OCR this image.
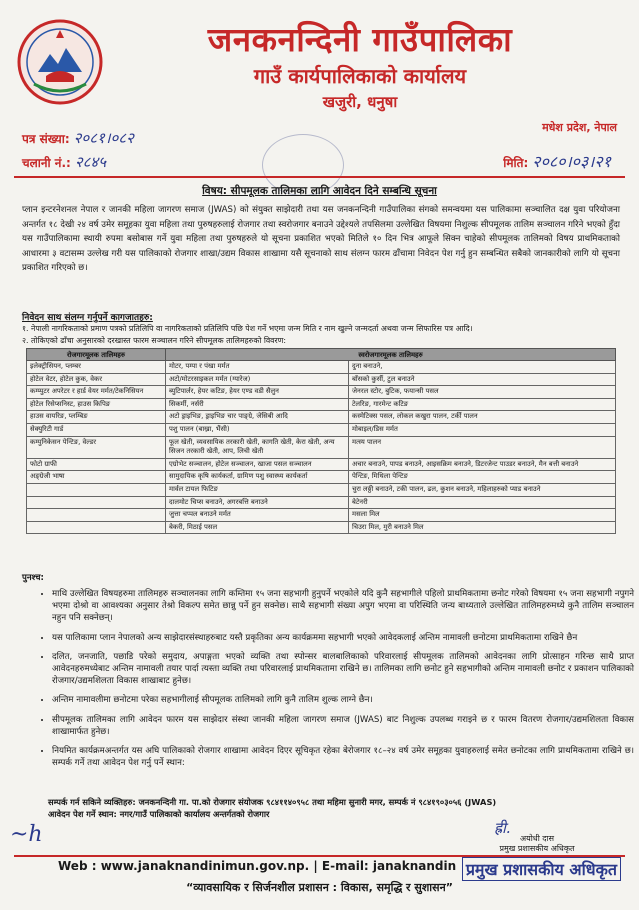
जनकनन्दिनी गाउँपालिका
गाउँ कार्यपालिकाको कार्यालय
खजुरी, धनुषा
मधेश प्रदेश, नेपाल
पत्र संख्या: २०८१।०८२
चलानी नं.: २८४५	मिति: २०८०।०३।२१
विषय: सीपमूलक तालिमका लागि आवेदन दिने सम्बन्धि सूचना
प्लान इन्टरनेशनल नेपाल र जानकी महिला जागरण समाज (JWAS) को संयुक्त साझेदारी तथा यस जनकनन्दिनी गाउँपालिका संगको समन्वयमा यस पालिकामा सञ्चालित दक्ष युवा परियोजना अन्तर्गत १८ देखी २४ वर्ष उमेर समूहका युवा महिला तथा पुरुषहरुलाई रोजगार तथा स्वरोजगार बनाउने उद्देश्यले तपसिलमा उल्लेखित विषयमा निशुल्क सीपमूलक तालिम सञ्चालन गरिने भएको हुँदा यस गाउँपालिकामा स्थायी रुपमा बसोबास गर्ने युवा महिला तथा पुरुषहरुले यो सूचना प्रकाशित भएको मितिले १० दिन भित्र आफूले सिक्न चाहेको सीपमूलक तालिमको विषय प्राथमिकताको आधारमा ३ वटासम्म उल्लेख गरी यस पालिकाको रोजगार शाखा/उद्यम विकास शाखामा यसै सूचनाको साथ संलग्न फारम ढाँचामा निवेदन पेश गर्नु हुन सम्बन्धित सबैको जानकारीको लागि यो सूचना प्रकाशित गरिएको छ।
निवेदन साथ संलग्न गर्नुपर्ने कागजातहरु:
१. नेपाली नागरिकताको प्रमाण पत्रको प्रतिलिपि वा नागरिकताको प्रतिलिपि पछि पेश गर्ने भएमा जन्म मिति र नाम खुल्ने जन्मदर्ता अथवा जन्म सिफारिस पत्र आदि।
२. तोकिएको ढाँचा अनुसारको दरखास्त फारम सञ्चालन गरिने सीपमूलक तालिमहरुको विवरण:
रोजगारमूलक तालिमहरु	स्वरोजगारमूलक तालिमहरु	
इलेक्ट्रीसियन, प्लम्बर	मोटर, पम्पा र पंखा मर्मत	दुना बनाउने,
होटेल वेटर, होटेल कुक, वेकर	अटो/मोटरसाइकल मर्मत (ग्यारेज)	बाँसको कुर्सी, टुल बनाउने
कम्प्युटर अपरेटर र हार्ड वेयर मर्मत/टेकनिसियन	ब्युटिपार्लर, हेयर कटिङ, हेयर एण्ड वडी सैलुन	जेनरल स्टोर, बुटिक, फयान्सी पसल
होटेल रिसेप्सनिस्ट, हाउस किपिङ	सिकर्मी, नर्सरी	टेलरिङ, गारमेन्ट कटिङ
हाउस वायरिङ, प्लम्बिङ	अटो ड्राइभिङ, ड्राइभिङ चार पाङ्ग्रे, जेसिबी आदि	कस्मेटिक्स पसल, लोकल कखुरा पालन, टर्की पालन
सेक्युरिटी गार्ड	पशु पालन (बाख्रा, भैंसी)	मोबाइल/डिस मर्मत
कम्युनिकेसन पेन्टिङ, वेल्डर	फूल खेती, व्यवसायिक तरकारी खेती, कागति खेती, केरा खेती, अन्य सिजन तरकारी खेती, आप, लिची खेती	मत्स्य पालन
फोटो ग्राफी	एग्रोभेट सञ्चालन, होटेल सञ्चालन, खाजा पसल सञ्चालन	अचार बनाउने, पापड बनाउने, आइसक्रिम बनाउने, डिटरजेन्ट पाउडर बनाउने, मैन बत्ती बनाउने
अङ्ग्रेजी भाषा	सामुदायिक कृषि कार्यकर्ता, ग्रामिण पशु स्वास्थ्य कार्यकर्ता	पेन्टिङ, मिथिला पेन्टिङ
	मार्वल टायल फिटिङ	चुरा लठ्ठी बनाउने, टकी पालन, ढल, कुशन बनाउने, महिलाहरुको प्याड बनाउने
	दालमोट चिप्स बनाउने, अगरबत्ति बनाउने	बेटेनरी
	जुत्ता चप्पल बनाउने मर्मत	मसला मिल
	बेकरी, मिठाई पसल	चिउरा मिल, मुरी बनाउने मिल
पुनश्च:
• माथि उल्लेखित विषयहरुमा तालिमहरु सञ्चालनका लागि कम्तिमा १५ जना सहभागी हुनुपर्ने भएकोले यदि कुनै सहभागीले पहिलो प्राथमिकतामा छनोट गरेको विषयमा १५ जना सहभागी नपुगने भएमा दोश्रो वा आवश्यका अनुसार तेश्रो विकल्प समेत छान्नु पर्ने हुन सक्नेछ। साथै सहभागी संख्या अपुग भएमा वा परिस्थिति जन्य बाध्यताले उल्लेखित तालिमहरुमध्ये कुनै तालिम सञ्चालन नहुन पनि सक्नेछन्।
• यस पालिकामा प्लान नेपालको अन्य साझेदारसंस्थाहरुबाट यस्तै प्रकृतिका अन्य कार्यक्रममा सहभागी भएको आवेदकलाई अन्तिम नामावली छनोटमा प्राथमिकतामा राखिने छैन
• दलित, जनजाति, पछाडि परेको समुदाय, अपाङ्गता भएको व्यक्ति तथा स्पोन्सर बालबालिकाको परिवारलाई सीपमूलक तालिमको आवेदनका लागि प्रोत्साहन गरिन्छ साथै प्राप्त आवेदनहरुमध्येबाट अन्तिम नामावली तयार पार्दा त्यस्ता व्यक्ति तथा परिवारलाई प्राथमिकतामा राखिने छ। तालिमका लागि छनोट हुने सहभागीको अन्तिम नामावली छनोट र प्रकाशन पालिकाको रोजगार/उद्यमशिलता विकास शाखाबाट हुनेछ।
• अन्तिम नामावलीमा छनोटमा परेका सहभागीलाई सीपमूलक तालिमको लागि कुनै तालिम शुल्क लाग्ने छैन।
• सीपमूलक तालिमका लागि आवेदन फारम यस साझेदार संस्था जानकी महिला जागरण समाज (JWAS) बाट निशुल्क उपलब्ध गराइने छ र फारम वितरण रोजगार/उद्यमशिलता विकास शाखामार्फत हुनेछ।
• नियमित कार्यक्रमअन्तर्गत यस अघि पालिकाको रोजगार शाखामा आवेदन दिएर सूचिकृत रहेका बेरोजगार १८–२४ वर्ष उमेर समूहका युवाहरुलाई समेत छनोटका लागि प्राथमिकतामा राखिने छ। सम्पर्क गर्ने तथा आवेदन पेश गर्नु पर्ने स्थान:
सम्पर्क गर्न सकिने व्यक्तिहरु: जनकनन्दिनी गा. पा.को रोजगार संयोजक ९८४११४०९५८ तथा महिमा सुनारी मगर, सम्पर्क नं ९८४१९०३०५६ (JWAS)
आवेदन पेश गर्ने स्थान: नगर/गाउँ पालिकाको कार्यालय अन्तर्गतको रोजगार
~h	ह्री.
अयोधी दास
प्रमुख प्रशासकीय अधिकृत
Web : www.janaknandinimun.gov.np. | E-mail: janaknandin प्रमुख प्रशासकीय अधिकृत
“व्यावसायिक र सिर्जनशील प्रशासन : विकास, समृद्धि र सुशासन”
